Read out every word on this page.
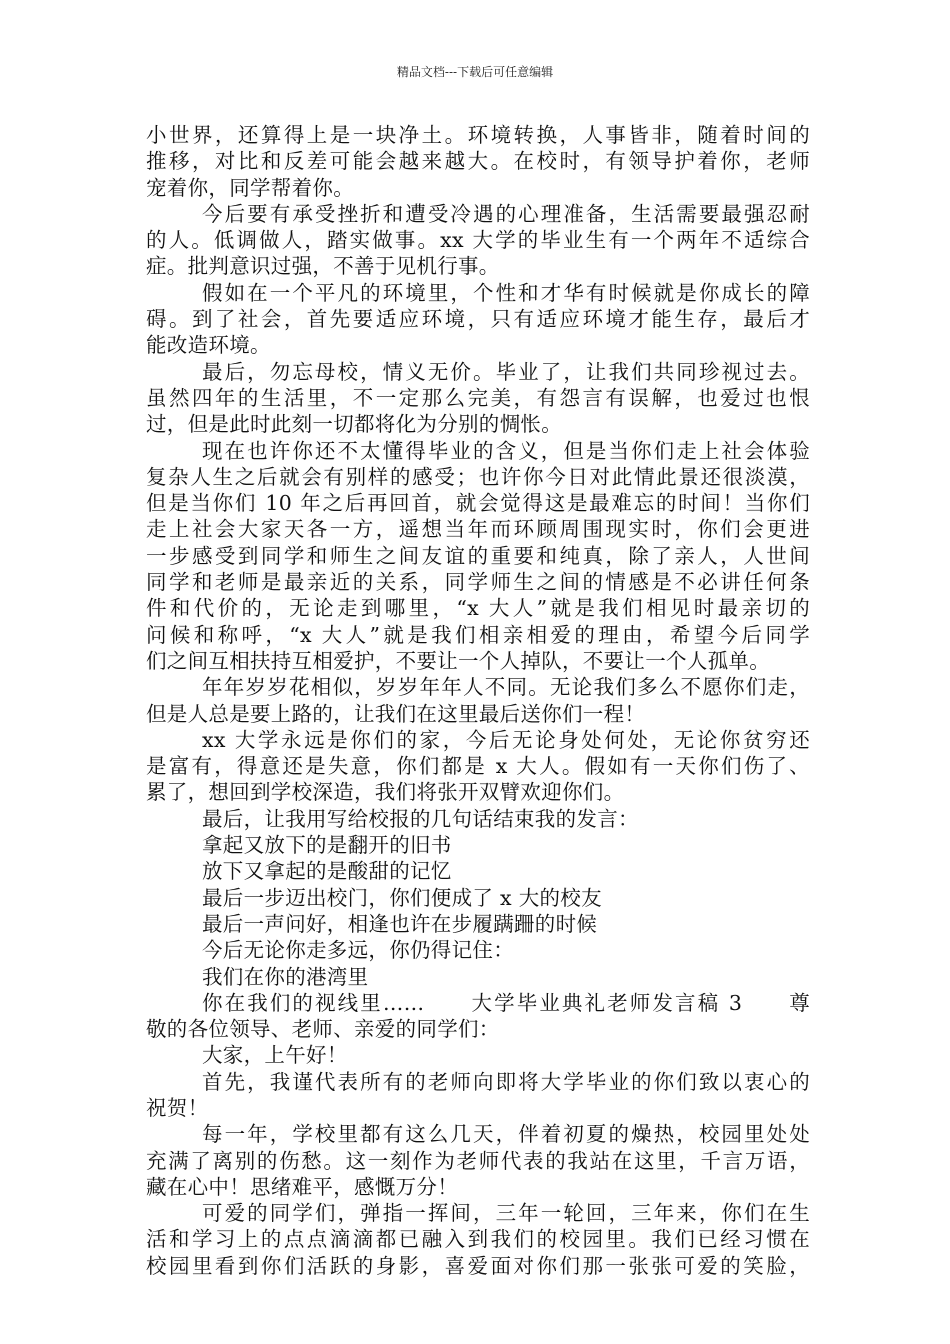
精品文档---下载后可任意编辑
小世界，还算得上是一块净土。环境转换，人事皆非，随着时间的
推移，对比和反差可能会越来越大。在校时，有领导护着你，老师
宠着你，同学帮着你。
今后要有承受挫折和遭受冷遇的心理准备，生活需要最强忍耐
的人。低调做人，踏实做事。xx 大学的毕业生有一个两年不适综合
症。批判意识过强，不善于见机行事。
假如在一个平凡的环境里，个性和才华有时候就是你成长的障
碍。到了社会，首先要适应环境，只有适应环境才能生存，最后才
能改造环境。
最后，勿忘母校，情义无价。毕业了，让我们共同珍视过去。
虽然四年的生活里，不一定那么完美，有怨言有误解，也爱过也恨
过，但是此时此刻一切都将化为分别的惆怅。
现在也许你还不太懂得毕业的含义，但是当你们走上社会体验
复杂人生之后就会有别样的感受；也许你今日对此情此景还很淡漠，
但是当你们 10 年之后再回首，就会觉得这是最难忘的时间！当你们
走上社会大家天各一方，遥想当年而环顾周围现实时，你们会更进
一步感受到同学和师生之间友谊的重要和纯真，除了亲人，人世间
同学和老师是最亲近的关系，同学师生之间的情感是不必讲任何条
件和代价的，无论走到哪里，“x 大人”就是我们相见时最亲切的
问候和称呼，“x 大人”就是我们相亲相爱的理由，希望今后同学
们之间互相扶持互相爱护，不要让一个人掉队，不要让一个人孤单。
年年岁岁花相似，岁岁年年人不同。无论我们多么不愿你们走，
但是人总是要上路的，让我们在这里最后送你们一程！
xx 大学永远是你们的家，今后无论身处何处，无论你贫穷还
是富有，得意还是失意，你们都是 x 大人。假如有一天你们伤了、
累了，想回到学校深造，我们将张开双臂欢迎你们。
最后，让我用写给校报的几句话结束我的发言：
拿起又放下的是翻开的旧书
放下又拿起的是酸甜的记忆
最后一步迈出校门，你们便成了 x 大的校友
最后一声问好，相逢也许在步履蹒跚的时候
今后无论你走多远，你仍得记住：
我们在你的港湾里
你在我们的视线里……　　大学毕业典礼老师发言稿 3　　尊
敬的各位领导、老师、亲爱的同学们：
大家，上午好！
首先，我谨代表所有的老师向即将大学毕业的你们致以衷心的
祝贺！
每一年，学校里都有这么几天，伴着初夏的燥热，校园里处处
充满了离别的伤愁。这一刻作为老师代表的我站在这里，千言万语，
藏在心中！思绪难平，感慨万分！
可爱的同学们，弹指一挥间，三年一轮回，三年来，你们在生
活和学习上的点点滴滴都已融入到我们的校园里。我们已经习惯在
校园里看到你们活跃的身影，喜爱面对你们那一张张可爱的笑脸，
